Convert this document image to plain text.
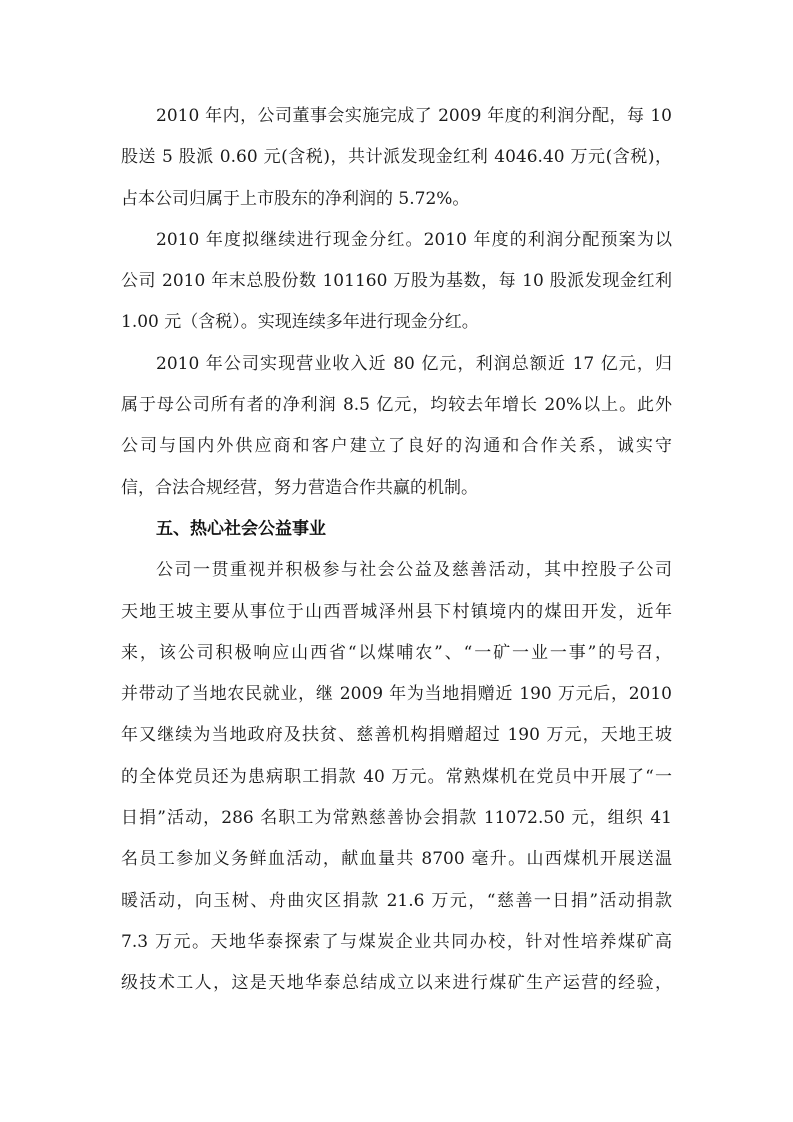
2010 年内，公司董事会实施完成了 2009 年度的利润分配，每 10
股送 5 股派 0.60 元(含税)，共计派发现金红利 4046.40 万元(含税)，
占本公司归属于上市股东的净利润的 5.72%。
2010 年度拟继续进行现金分红。2010 年度的利润分配预案为以
公司 2010 年末总股份数 101160 万股为基数，每 10 股派发现金红利
1.00 元（含税）。实现连续多年进行现金分红。
2010 年公司实现营业收入近 80 亿元，利润总额近 17 亿元，归
属于母公司所有者的净利润 8.5 亿元，均较去年增长 20%以上。此外
公司与国内外供应商和客户建立了良好的沟通和合作关系，诚实守
信，合法合规经营，努力营造合作共赢的机制。
五、热心社会公益事业
公司一贯重视并积极参与社会公益及慈善活动，其中控股子公司
天地王坡主要从事位于山西晋城泽州县下村镇境内的煤田开发，近年
来，该公司积极响应山西省“以煤哺农”、“一矿一业一事”的号召，
并带动了当地农民就业，继 2009 年为当地捐赠近 190 万元后，2010
年又继续为当地政府及扶贫、慈善机构捐赠超过 190 万元，天地王坡
的全体党员还为患病职工捐款 40 万元。常熟煤机在党员中开展了“一
日捐”活动，286 名职工为常熟慈善协会捐款 11072.50 元，组织 41
名员工参加义务鲜血活动，献血量共 8700 毫升。山西煤机开展送温
暖活动，向玉树、舟曲灾区捐款 21.6 万元，“慈善一日捐”活动捐款
7.3 万元。天地华泰探索了与煤炭企业共同办校，针对性培养煤矿高
级技术工人，这是天地华泰总结成立以来进行煤矿生产运营的经验，
